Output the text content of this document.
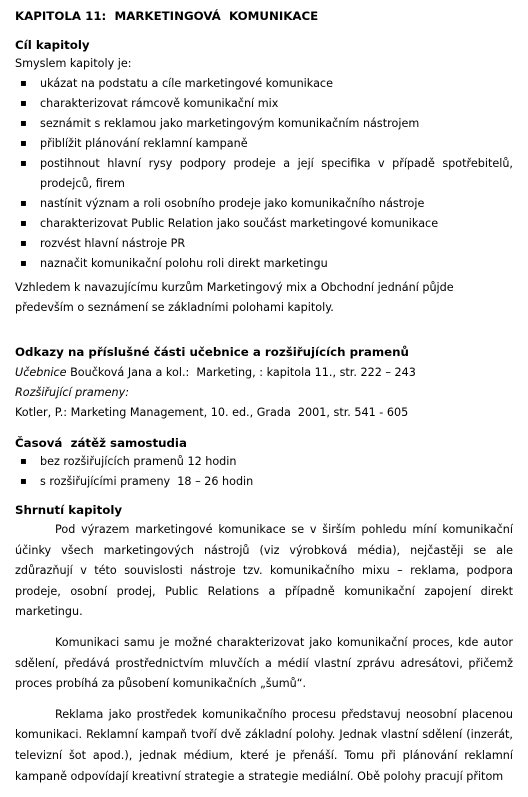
KAPITOLA 11:  MARKETINGOVÁ  KOMUNIKACE
Cíl kapitoly
Smyslem kapitoly je:
▪ ukázat na podstatu a cíle marketingové komunikace
▪ charakterizovat rámcově komunikační mix
▪ seznámit s reklamou jako marketingovým komunikačním nástrojem
▪ přiblížit plánování reklamní kampaně
▪ postihnout hlavní rysy podpory prodeje a její specifika v případě spotřebitelů, prodejců, firem
▪ nastínit význam a roli osobního prodeje jako komunikačního nástroje
▪ charakterizovat Public Relation jako součást marketingové komunikace
▪ rozvést hlavní nástroje PR
▪ naznačit komunikační polohu roli direkt marketingu
Vzhledem k navazujícímu kurzům Marketingový mix a Obchodní jednání půjde především o seznámení se základními polohami kapitoly.
Odkazy na příslušné části učebnice a rozšiřujících pramenů
Učebnice Boučková Jana a kol.:  Marketing, : kapitola 11., str. 222 – 243
Rozšiřující prameny:
Kotler, P.: Marketing Management, 10. ed., Grada  2001, str. 541 - 605
Časová  zátěž samostudia
▪ bez rozšiřujících pramenů 12 hodin
▪ s rozšiřujícími prameny  18 – 26 hodin
Shrnutí kapitoly

Pod výrazem marketingové komunikace se v širším pohledu míní komunikační účinky všech marketingových nástrojů (viz výrobková média), nejčastěji se ale zdůrazňují v této souvislosti nástroje tzv. komunikačního mixu – reklama, podpora prodeje, osobní prodej, Public Relations a případně komunikační zapojení direkt marketingu.

Komunikaci samu je možné charakterizovat jako komunikační proces, kde autor sdělení, předává prostřednictvím mluvčích a médií vlastní zprávu adresátovi, přičemž proces probíhá za působení komunikačních „šumů“.

Reklama jako prostředek komunikačního procesu představuj neosobní placenou komunikaci. Reklamní kampaň tvoří dvě základní polohy. Jednak vlastní sdělení (inzerát, televizní šot apod.), jednak médium, které je přenáší. Tomu při plánování reklamní kampaně odpovídají kreativní strategie a strategie mediální. Obě polohy pracují přitom
